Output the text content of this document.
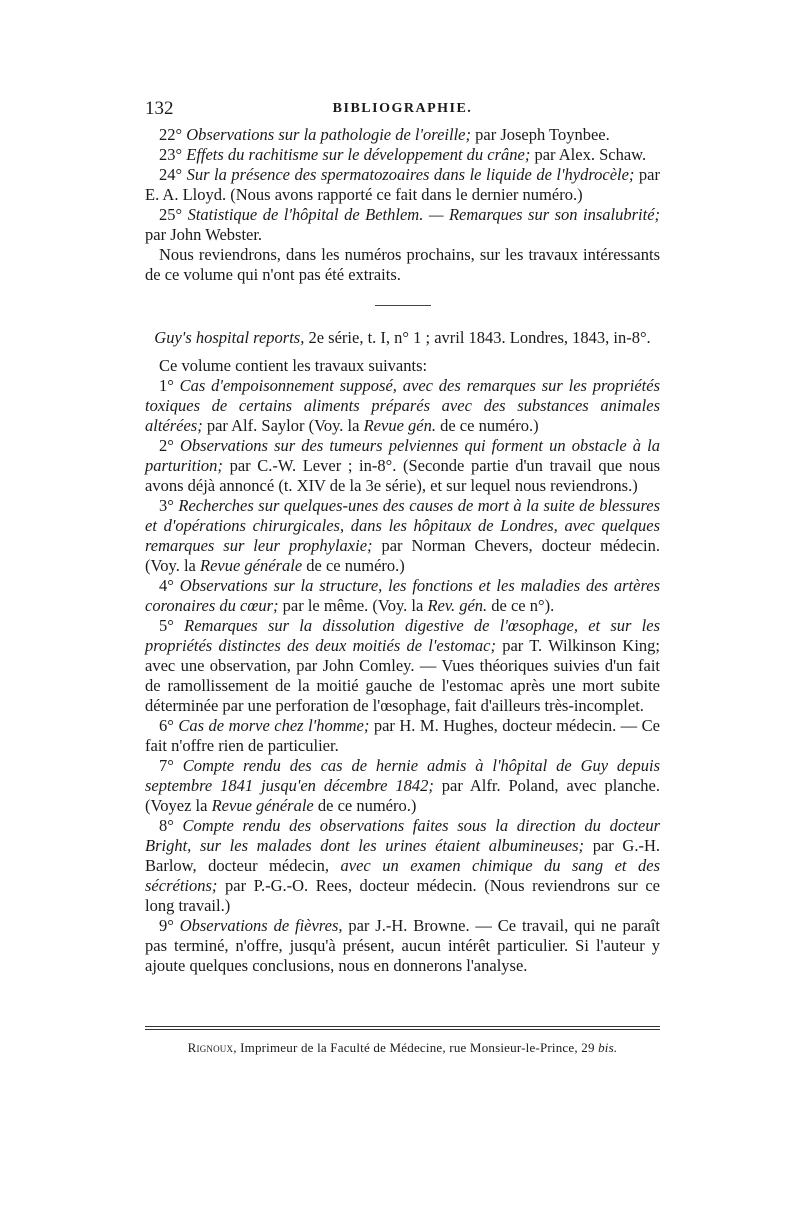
132	BIBLIOGRAPHIE.

22° Observations sur la pathologie de l'oreille; par Joseph Toynbee.

23° Effets du rachitisme sur le développement du crâne; par Alex. Schaw.

24° Sur la présence des spermatozoaires dans le liquide de l'hydrocèle; par E. A. Lloyd. (Nous avons rapporté ce fait dans le dernier numéro.)

25° Statistique de l'hôpital de Bethlem. — Remarques sur son insalubrité; par John Webster.

Nous reviendrons, dans les numéros prochains, sur les travaux intéressants de ce volume qui n'ont pas été extraits.

Guy's hospital reports, 2e série, t. I, n° 1 ; avril 1843. Londres, 1843, in-8°.

Ce volume contient les travaux suivants:

1° Cas d'empoisonnement supposé, avec des remarques sur les propriétés toxiques de certains aliments préparés avec des substances animales altérées; par Alf. Saylor (Voy. la Revue gén. de ce numéro.)

2° Observations sur des tumeurs pelviennes qui forment un obstacle à la parturition; par C.-W. Lever ; in-8°. (Seconde partie d'un travail que nous avons déjà annoncé (t. XIV de la 3e série), et sur lequel nous reviendrons.)

3° Recherches sur quelques-unes des causes de mort à la suite de blessures et d'opérations chirurgicales, dans les hôpitaux de Londres, avec quelques remarques sur leur prophylaxie; par Norman Chevers, docteur médecin. (Voy. la Revue générale de ce numéro.)

4° Observations sur la structure, les fonctions et les maladies des artères coronaires du cœur; par le même. (Voy. la Rev. gén. de ce n°).

5° Remarques sur la dissolution digestive de l'œsophage, et sur les propriétés distinctes des deux moitiés de l'estomac; par T. Wilkinson King; avec une observation, par John Comley. — Vues théoriques suivies d'un fait de ramollissement de la moitié gauche de l'estomac après une mort subite déterminée par une perforation de l'œsophage, fait d'ailleurs très-incomplet.

6° Cas de morve chez l'homme; par H. M. Hughes, docteur médecin. — Ce fait n'offre rien de particulier.

7° Compte rendu des cas de hernie admis à l'hôpital de Guy depuis septembre 1841 jusqu'en décembre 1842; par Alfr. Poland, avec planche. (Voyez la Revue générale de ce numéro.)

8° Compte rendu des observations faites sous la direction du docteur Bright, sur les malades dont les urines étaient albumineuses; par G.-H. Barlow, docteur médecin, avec un examen chimique du sang et des sécrétions; par P.-G.-O. Rees, docteur médecin. (Nous reviendrons sur ce long travail.)

9° Observations de fièvres, par J.-H. Browne. — Ce travail, qui ne paraît pas terminé, n'offre, jusqu'à présent, aucun intérêt particulier. Si l'auteur y ajoute quelques conclusions, nous en donnerons l'analyse.

Rignoux, Imprimeur de la Faculté de Médecine, rue Monsieur-le-Prince, 29 bis.
